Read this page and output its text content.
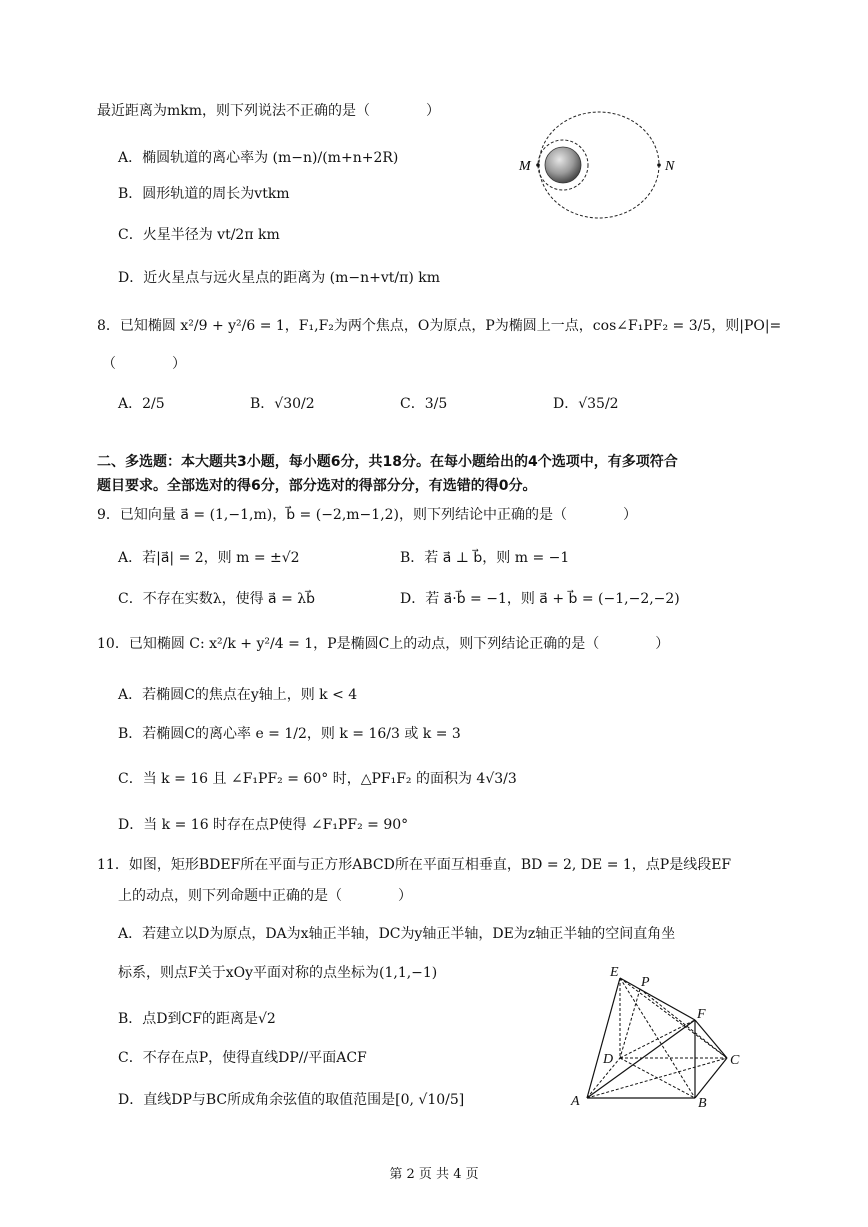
最近距离为mkm，则下列说法不正确的是（　　　　）
A．椭圆轨道的离心率为 (m−n)/(m+n+2R)
B．圆形轨道的周长为vtkm
C．火星半径为 vt/2π km
D．近火星点与远火星点的距离为 (m−n+vt/π) km
M	N
8．已知椭圆 x²/9 + y²/6 = 1，F₁,F₂为两个焦点，O为原点，P为椭圆上一点，cos∠F₁PF₂ = 3/5，则|PO|=
（　　　　）
A．2/5	B．√30/2	C．3/5	D．√35/2
二、多选题：本大题共3小题，每小题6分，共18分。在每小题给出的4个选项中，有多项符合
题目要求。全部选对的得6分，部分选对的得部分分，有选错的得0分。
9．已知向量 a⃗ = (1,−1,m)，b⃗ = (−2,m−1,2)，则下列结论中正确的是（　　　　）
A．若|a⃗| = 2，则 m = ±√2	B．若 a⃗ ⊥ b⃗，则 m = −1
C．不存在实数λ，使得 a⃗ = λb⃗	D．若 a⃗·b⃗ = −1，则 a⃗ + b⃗ = (−1,−2,−2)
10．已知椭圆 C: x²/k + y²/4 = 1，P是椭圆C上的动点，则下列结论正确的是（　　　　）
A．若椭圆C的焦点在y轴上，则 k < 4
B．若椭圆C的离心率 e = 1/2，则 k = 16/3 或 k = 3
C．当 k = 16 且 ∠F₁PF₂ = 60° 时，△PF₁F₂ 的面积为 4√3/3
D．当 k = 16 时存在点P使得 ∠F₁PF₂ = 90°
11．如图，矩形BDEF所在平面与正方形ABCD所在平面互相垂直，BD = 2, DE = 1，点P是线段EF
上的动点，则下列命题中正确的是（　　　　）
A．若建立以D为原点，DA为x轴正半轴，DC为y轴正半轴，DE为z轴正半轴的空间直角坐
标系，则点F关于xOy平面对称的点坐标为(1,1,−1)
B．点D到CF的距离是√2
C．不存在点P，使得直线DP//平面ACF
D．直线DP与BC所成角余弦值的取值范围是[0, √10/5]
E
P
F
D	C
A	B
第 2 页 共 4 页
